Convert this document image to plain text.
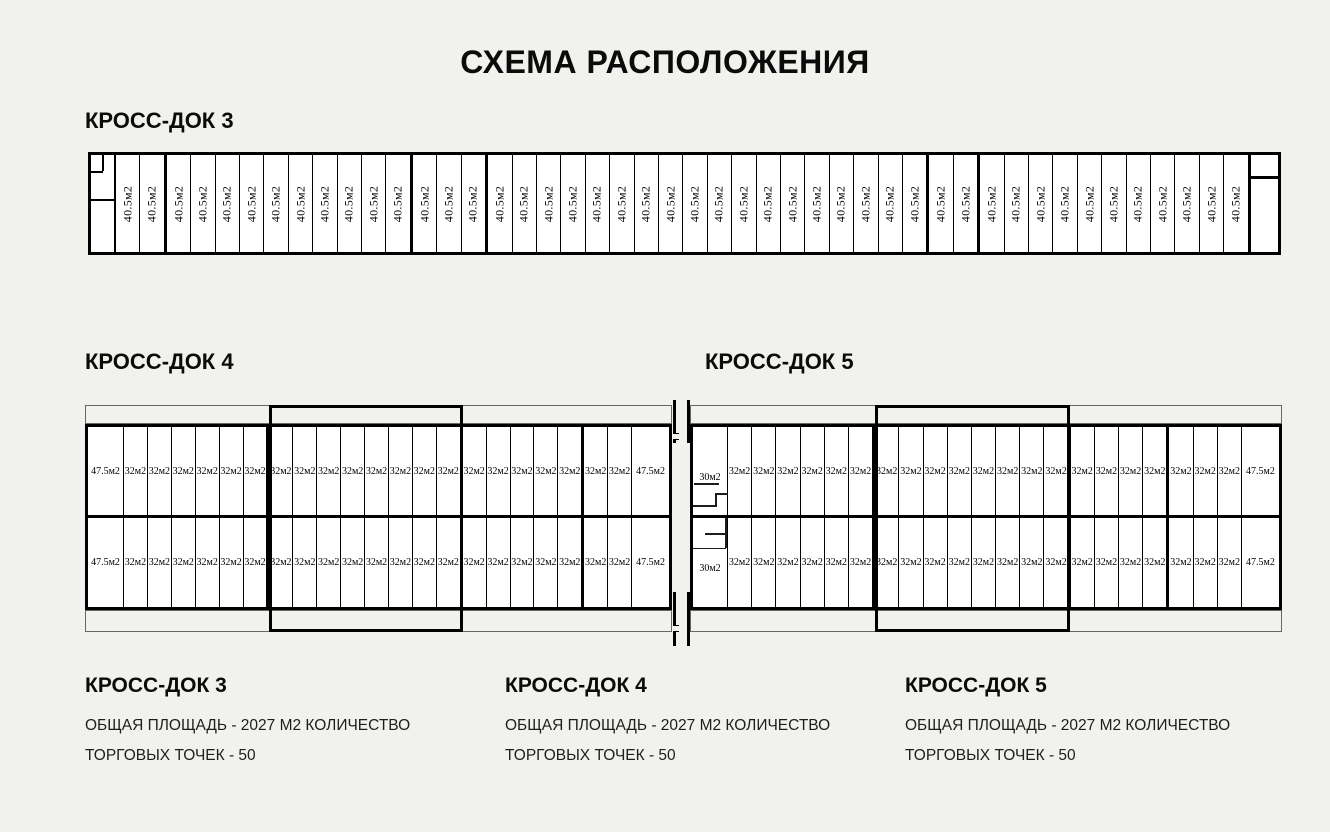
СХЕМА РАСПОЛОЖЕНИЯ
КРОСС-ДОК 3
40.5м2 40.5м2 40.5м2 40.5м2 40.5м2 40.5м2 40.5м2 40.5м2 40.5м2 40.5м2 40.5м2 40.5м2 40.5м2 40.5м2 40.5м2 40.5м2 40.5м2 40.5м2 40.5м2 40.5м2 40.5м2 40.5м2 40.5м2 40.5м2 40.5м2 40.5м2 40.5м2 40.5м2 40.5м2 40.5м2 40.5м2 40.5м2 40.5м2 40.5м2 40.5м2 40.5м2 40.5м2 40.5м2 40.5м2 40.5м2 40.5м2 40.5м2 40.5м2 40.5м2 40.5м2 40.5м2
КРОСС-ДОК 4	КРОСС-ДОК 5
47.5м2 32м2 32м2 32м2 32м2 32м2 32м2 32м2 32м2 32м2 32м2 32м2 32м2 32м2 32м2 32м2 32м2 32м2 32м2 32м2 32м2 32м2 47.5м2
47.5м2 32м2 32м2 32м2 32м2 32м2 32м2 32м2 32м2 32м2 32м2 32м2 32м2 32м2 32м2 32м2 32м2 32м2 32м2 32м2 32м2 32м2 47.5м2
30м2
32м2 32м2 32м2 32м2 32м2 32м2 32м2 32м2 32м2 32м2 32м2 32м2 32м2 32м2 32м2 32м2 32м2 32м2 32м2 32м2 32м2 47.5м2
30м2
32м2 32м2 32м2 32м2 32м2 32м2 32м2 32м2 32м2 32м2 32м2 32м2 32м2 32м2 32м2 32м2 32м2 32м2 32м2 32м2 32м2 47.5м2
КРОСС-ДОК 3
ОБЩАЯ ПЛОЩАДЬ - 2027 М2 КОЛИЧЕСТВО
ТОРГОВЫХ ТОЧЕК - 50
КРОСС-ДОК 4
ОБЩАЯ ПЛОЩАДЬ - 2027 М2 КОЛИЧЕСТВО
ТОРГОВЫХ ТОЧЕК - 50
КРОСС-ДОК 5
ОБЩАЯ ПЛОЩАДЬ - 2027 М2 КОЛИЧЕСТВО
ТОРГОВЫХ ТОЧЕК - 50
